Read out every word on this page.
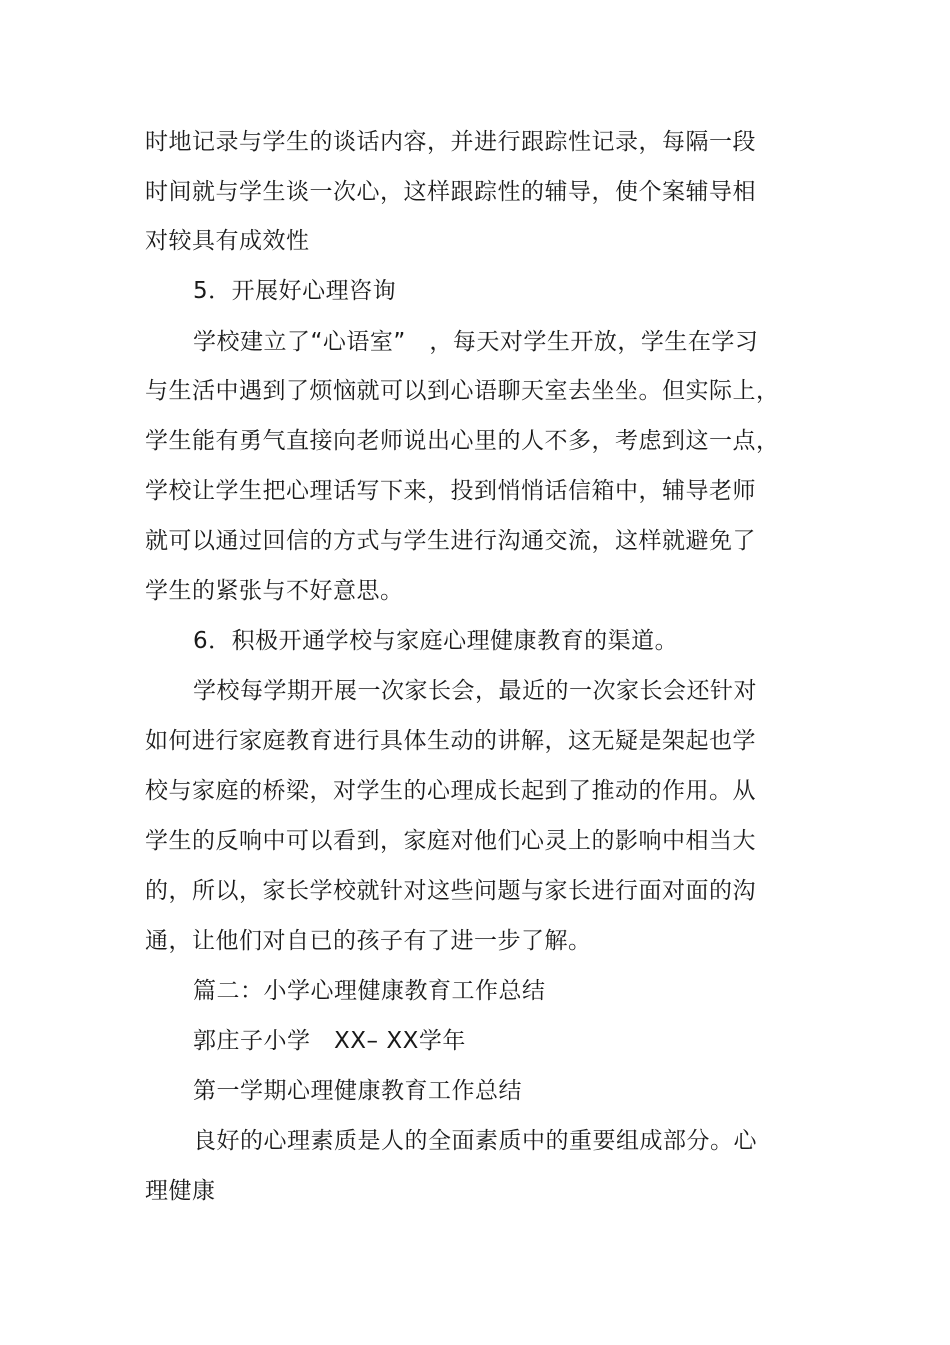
时地记录与学生的谈话内容，并进行跟踪性记录，每隔一段
时间就与学生谈一次心，这样跟踪性的辅导，使个案辅导相
对较具有成效性
5．开展好心理咨询
学校建立了“心语室”　，每天对学生开放，学生在学习
与生活中遇到了烦恼就可以到心语聊天室去坐坐。但实际上，
学生能有勇气直接向老师说出心里的人不多，考虑到这一点，
学校让学生把心理话写下来，投到悄悄话信箱中，辅导老师
就可以通过回信的方式与学生进行沟通交流，这样就避免了
学生的紧张与不好意思。
6．积极开通学校与家庭心理健康教育的渠道。
学校每学期开展一次家长会，最近的一次家长会还针对
如何进行家庭教育进行具体生动的讲解，这无疑是架起也学
校与家庭的桥梁，对学生的心理成长起到了推动的作用。从
学生的反响中可以看到，家庭对他们心灵上的影响中相当大
的，所以，家长学校就针对这些问题与家长进行面对面的沟
通，让他们对自已的孩子有了进一步了解。
篇二：小学心理健康教育工作总结
郭庄子小学　XX– XX学年
第一学期心理健康教育工作总结
良好的心理素质是人的全面素质中的重要组成部分。心
理健康
